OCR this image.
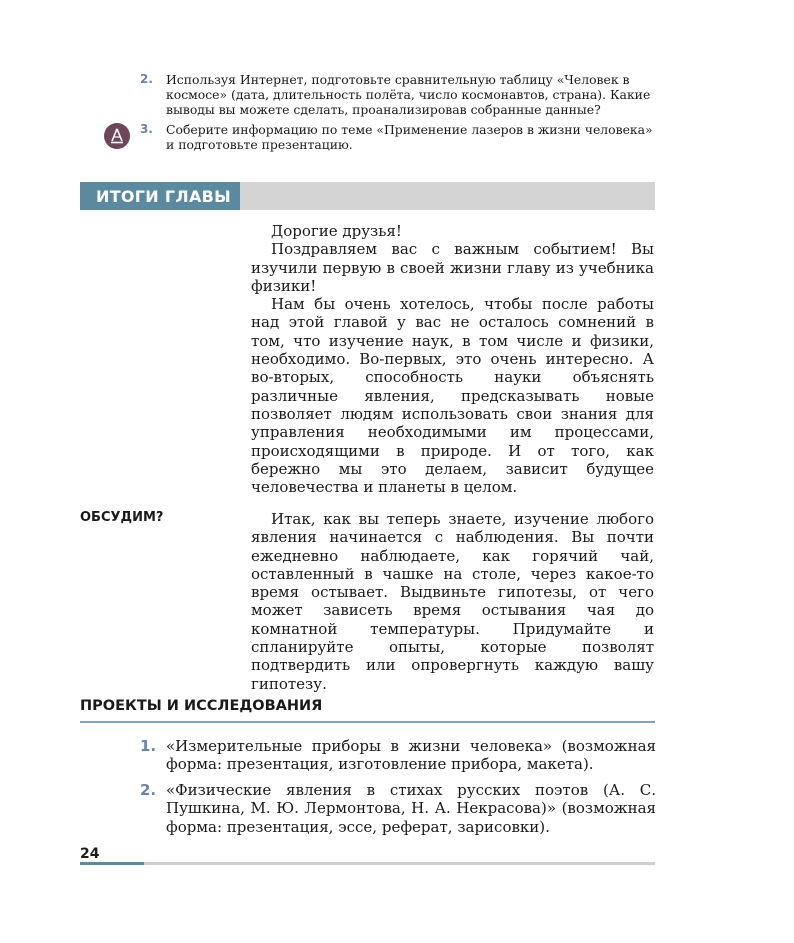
2. Используя Интернет, подготовьте сравнительную таблицу «Человек в космосе» (дата, длительность полёта, число космонавтов, страна). Какие выводы вы можете сделать, проанализировав собранные данные?
3. Соберите информацию по теме «Применение лазеров в жизни человека» и подготовьте презентацию.
ИТОГИ ГЛАВЫ

Дорогие друзья!

Поздравляем вас с важным событием! Вы изучили первую в своей жизни главу из учебника физики!

Нам бы очень хотелось, чтобы после работы над этой главой у вас не осталось сомнений в том, что изучение наук, в том числе и физики, необходимо. Во-первых, это очень интересно. А во-вторых, способность науки объяснять различные явления, предсказывать новые позволяет людям использовать свои знания для управления необходимыми им процессами, происходящими в природе. И от того, как бережно мы это делаем, зависит будущее человечества и планеты в целом.

ОБСУДИМ?	Итак, как вы теперь знаете, изучение любого явления начинается с наблюдения. Вы почти ежедневно наблюдаете, как горячий чай, оставленный в чашке на столе, через какое-то время остывает. Выдвиньте гипотезы, от чего может зависеть время остывания чая до комнатной температуры. Придумайте и спланируйте опыты, которые позволят подтвердить или опровергнуть каждую вашу гипотезу.

ПРОЕКТЫ И ИССЛЕДОВАНИЯ
1. «Измерительные приборы в жизни человека» (возможная форма: презентация, изготовление прибора, макета).
2. «Физические явления в стихах русских поэтов (А. С. Пушкина, М. Ю. Лермонтова, Н. А. Некрасова)» (возможная форма: презентация, эссе, реферат, зарисовки).
24
